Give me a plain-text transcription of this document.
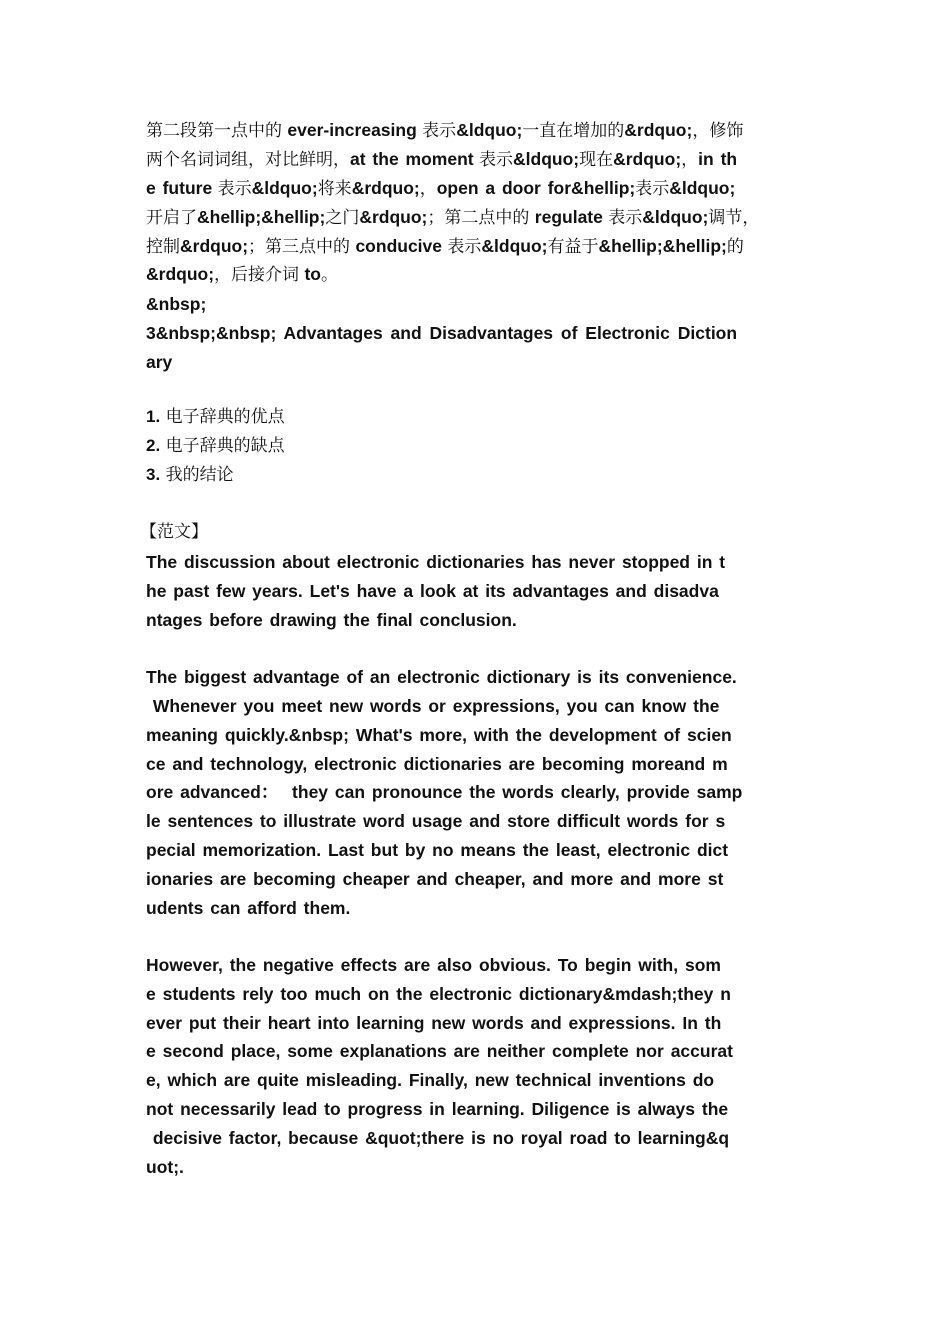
第二段第一点中的 ever-increasing 表示&ldquo;一直在增加的&rdquo;，修饰
两个名词词组，对比鲜明，at the moment 表示&ldquo;现在&rdquo;，in th
e future 表示&ldquo;将来&rdquo;，open a door for&hellip;表示&ldquo;
开启了&hellip;&hellip;之门&rdquo;；第二点中的 regulate 表示&ldquo;调节，
控制&rdquo;；第三点中的 conducive 表示&ldquo;有益于&hellip;&hellip;的
&rdquo;，后接介词 to。
&nbsp;
3&nbsp;&nbsp; Advantages and Disadvantages of Electronic Diction
ary
1. 电子辞典的优点
2. 电子辞典的缺点
3. 我的结论
【范文】
The discussion about electronic dictionaries has never stopped in t
he past few years. Let's have a look at its advantages and disadva
ntages before drawing the final conclusion.
The biggest advantage of an electronic dictionary is its convenience.
Whenever you meet new words or expressions, you can know the
meaning quickly.&nbsp; What's more, with the development of scien
ce and technology, electronic dictionaries are becoming moreand m
ore advanced：  they can pronounce the words clearly, provide samp
le sentences to illustrate word usage and store difficult words for s
pecial memorization. Last but by no means the least, electronic dict
ionaries are becoming cheaper and cheaper, and more and more st
udents can afford them.
However, the negative effects are also obvious. To begin with, som
e students rely too much on the electronic dictionary&mdash;they n
ever put their heart into learning new words and expressions. In th
e second place, some explanations are neither complete nor accurat
e, which are quite misleading. Finally, new technical inventions do
not necessarily lead to progress in learning. Diligence is always the
decisive factor, because &quot;there is no royal road to learning&q
uot;.
